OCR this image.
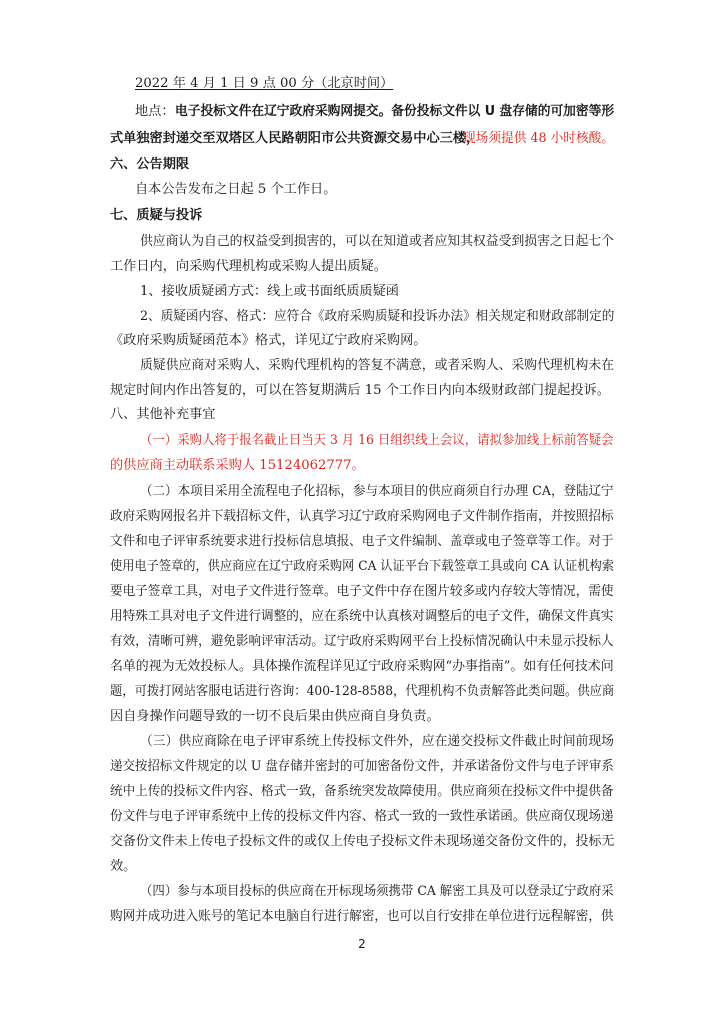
2022 年 4 月 1 日 9 点 00 分（北京时间）
地点： 电子投标文件在辽宁政府采购网提交。备份投标文件以 U 盘存储的可加密等形
式单独密封递交至双塔区人民路朝阳市公共资源交易中心三楼，
现场须提供 48 小时核酸。
六、公告期限
自本公告发布之日起 5 个工作日。
七、质疑与投诉
供应商认为自己的权益受到损害的，可以在知道或者应知其权益受到损害之日起七个
工作日内，向采购代理机构或采购人提出质疑。
1、接收质疑函方式：线上或书面纸质质疑函
2、质疑函内容、格式：应符合《政府采购质疑和投诉办法》相关规定和财政部制定的
《政府采购质疑函范本》格式，详见辽宁政府采购网。
质疑供应商对采购人、采购代理机构的答复不满意，或者采购人、采购代理机构未在
规定时间内作出答复的，可以在答复期满后 15 个工作日内向本级财政部门提起投诉。
八、其他补充事宜
（一）采购人将于报名截止日当天 3 月 16 日组织线上会议，请拟参加线上标前答疑会
的供应商主动联系采购人 15124062777。
（二）本项目采用全流程电子化招标，参与本项目的供应商须自行办理 CA，登陆辽宁
政府采购网报名并下载招标文件，认真学习辽宁政府采购网电子文件制作指南，并按照招标
文件和电子评审系统要求进行投标信息填报、电子文件编制、盖章或电子签章等工作。对于
使用电子签章的，供应商应在辽宁政府采购网 CA 认证平台下载签章工具或向 CA 认证机构索
要电子签章工具，对电子文件进行签章。电子文件中存在图片较多或内存较大等情况，需使
用特殊工具对电子文件进行调整的，应在系统中认真核对调整后的电子文件，确保文件真实
有效，清晰可辨，避免影响评审活动。辽宁政府采购网平台上投标情况确认中未显示投标人
名单的视为无效投标人。具体操作流程详见辽宁政府采购网“办事指南”。如有任何技术问
题，可拨打网站客服电话进行咨询：400-128-8588，代理机构不负责解答此类问题。供应商
因自身操作问题导致的一切不良后果由供应商自身负责。
（三）供应商除在电子评审系统上传投标文件外，应在递交投标文件截止时间前现场
递交按招标文件规定的以 U 盘存储并密封的可加密备份文件，并承诺备份文件与电子评审系
统中上传的投标文件内容、格式一致，备系统突发故障使用。供应商须在投标文件中提供备
份文件与电子评审系统中上传的投标文件内容、格式一致的一致性承诺函。供应商仅现场递
交备份文件未上传电子投标文件的或仅上传电子投标文件未现场递交备份文件的，投标无
效。
（四）参与本项目投标的供应商在开标现场须携带 CA 解密工具及可以登录辽宁政府采
购网并成功进入账号的笔记本电脑自行进行解密，也可以自行安排在单位进行远程解密，供
2
